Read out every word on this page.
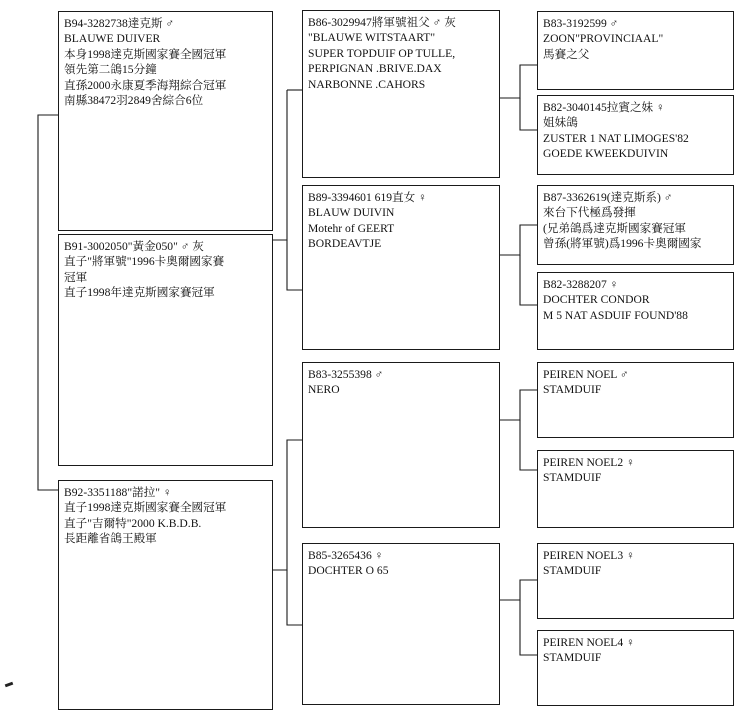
B94-3282738達克斯 ♂
BLAUWE DUIVER
本身1998達克斯國家賽全國冠軍
領先第二鴿15分鐘
直孫2000永康夏季海翔綜合冠軍
南縣38472羽2849舍綜合6位
B91-3002050"黃金050" ♂ 灰
直子"將軍號"1996卡奧爾國家賽冠軍
直子1998年達克斯國家賽冠軍
B92-3351188"諾拉" ♀
直子1998達克斯國家賽全國冠軍
直子"吉爾特"2000 K.B.D.B.
長距離省鴿王殿軍
B86-3029947將軍號祖父 ♂ 灰
"BLAUWE WITSTAART"
SUPER TOPDUIF OP TULLE,
PERPIGNAN .BRIVE.DAX
NARBONNE .CAHORS
B89-3394601 619直女 ♀
BLAUW DUIVIN
Motehr of GEERT
BORDEAVTJE
B83-3255398 ♂
NERO
B85-3265436 ♀
DOCHTER O 65
B83-3192599 ♂
ZOON"PROVINCIAAL"
馬賽之父
B82-3040145拉賓之妹 ♀
姐妹鴿
ZUSTER 1 NAT LIMOGES'82
GOEDE KWEEKDUIVIN
B87-3362619(達克斯系) ♂
來台下代極爲發揮
(兄弟鴿爲達克斯國家賽冠軍
曾孫(將軍號)爲1996卡奧爾國家
B82-3288207 ♀
DOCHTER CONDOR
M 5 NAT ASDUIF FOUND'88
PEIREN NOEL ♂
STAMDUIF
PEIREN NOEL2 ♀
STAMDUIF
PEIREN NOEL3 ♀
STAMDUIF
PEIREN NOEL4 ♀
STAMDUIF
